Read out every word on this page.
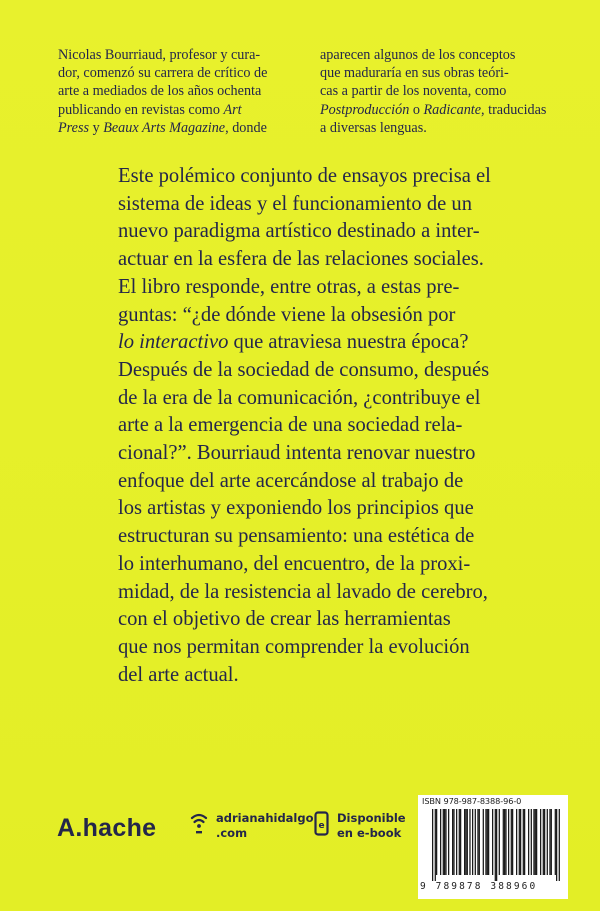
Nicolas Bourriaud, profesor y cura-
dor, comenzó su carrera de crítico de
arte a mediados de los años ochenta
publicando en revistas como Art
Press y Beaux Arts Magazine, donde
aparecen algunos de los conceptos
que maduraría en sus obras teóri-
cas a partir de los noventa, como
Postproducción o Radicante, traducidas
a diversas lenguas.
Este polémico conjunto de ensayos precisa el
sistema de ideas y el funcionamiento de un
nuevo paradigma artístico destinado a inter-
actuar en la esfera de las relaciones sociales.
El libro responde, entre otras, a estas pre-
guntas: “¿de dónde viene la obsesión por
lo interactivo que atraviesa nuestra época?
Después de la sociedad de consumo, después
de la era de la comunicación, ¿contribuye el
arte a la emergencia de una sociedad rela-
cional?”. Bourriaud intenta renovar nuestro
enfoque del arte acercándose al trabajo de
los artistas y exponiendo los principios que
estructuran su pensamiento: una estética de
lo interhumano, del encuentro, de la proxi-
midad, de la resistencia al lavado de cerebro,
con el objetivo de crear las herramientas
que nos permitan comprender la evolución
del arte actual.
A.hache	adrianahidalgo
.com	e
Disponible
en e-book
ISBN 978-987-8388-96-0
9 789878 388960
